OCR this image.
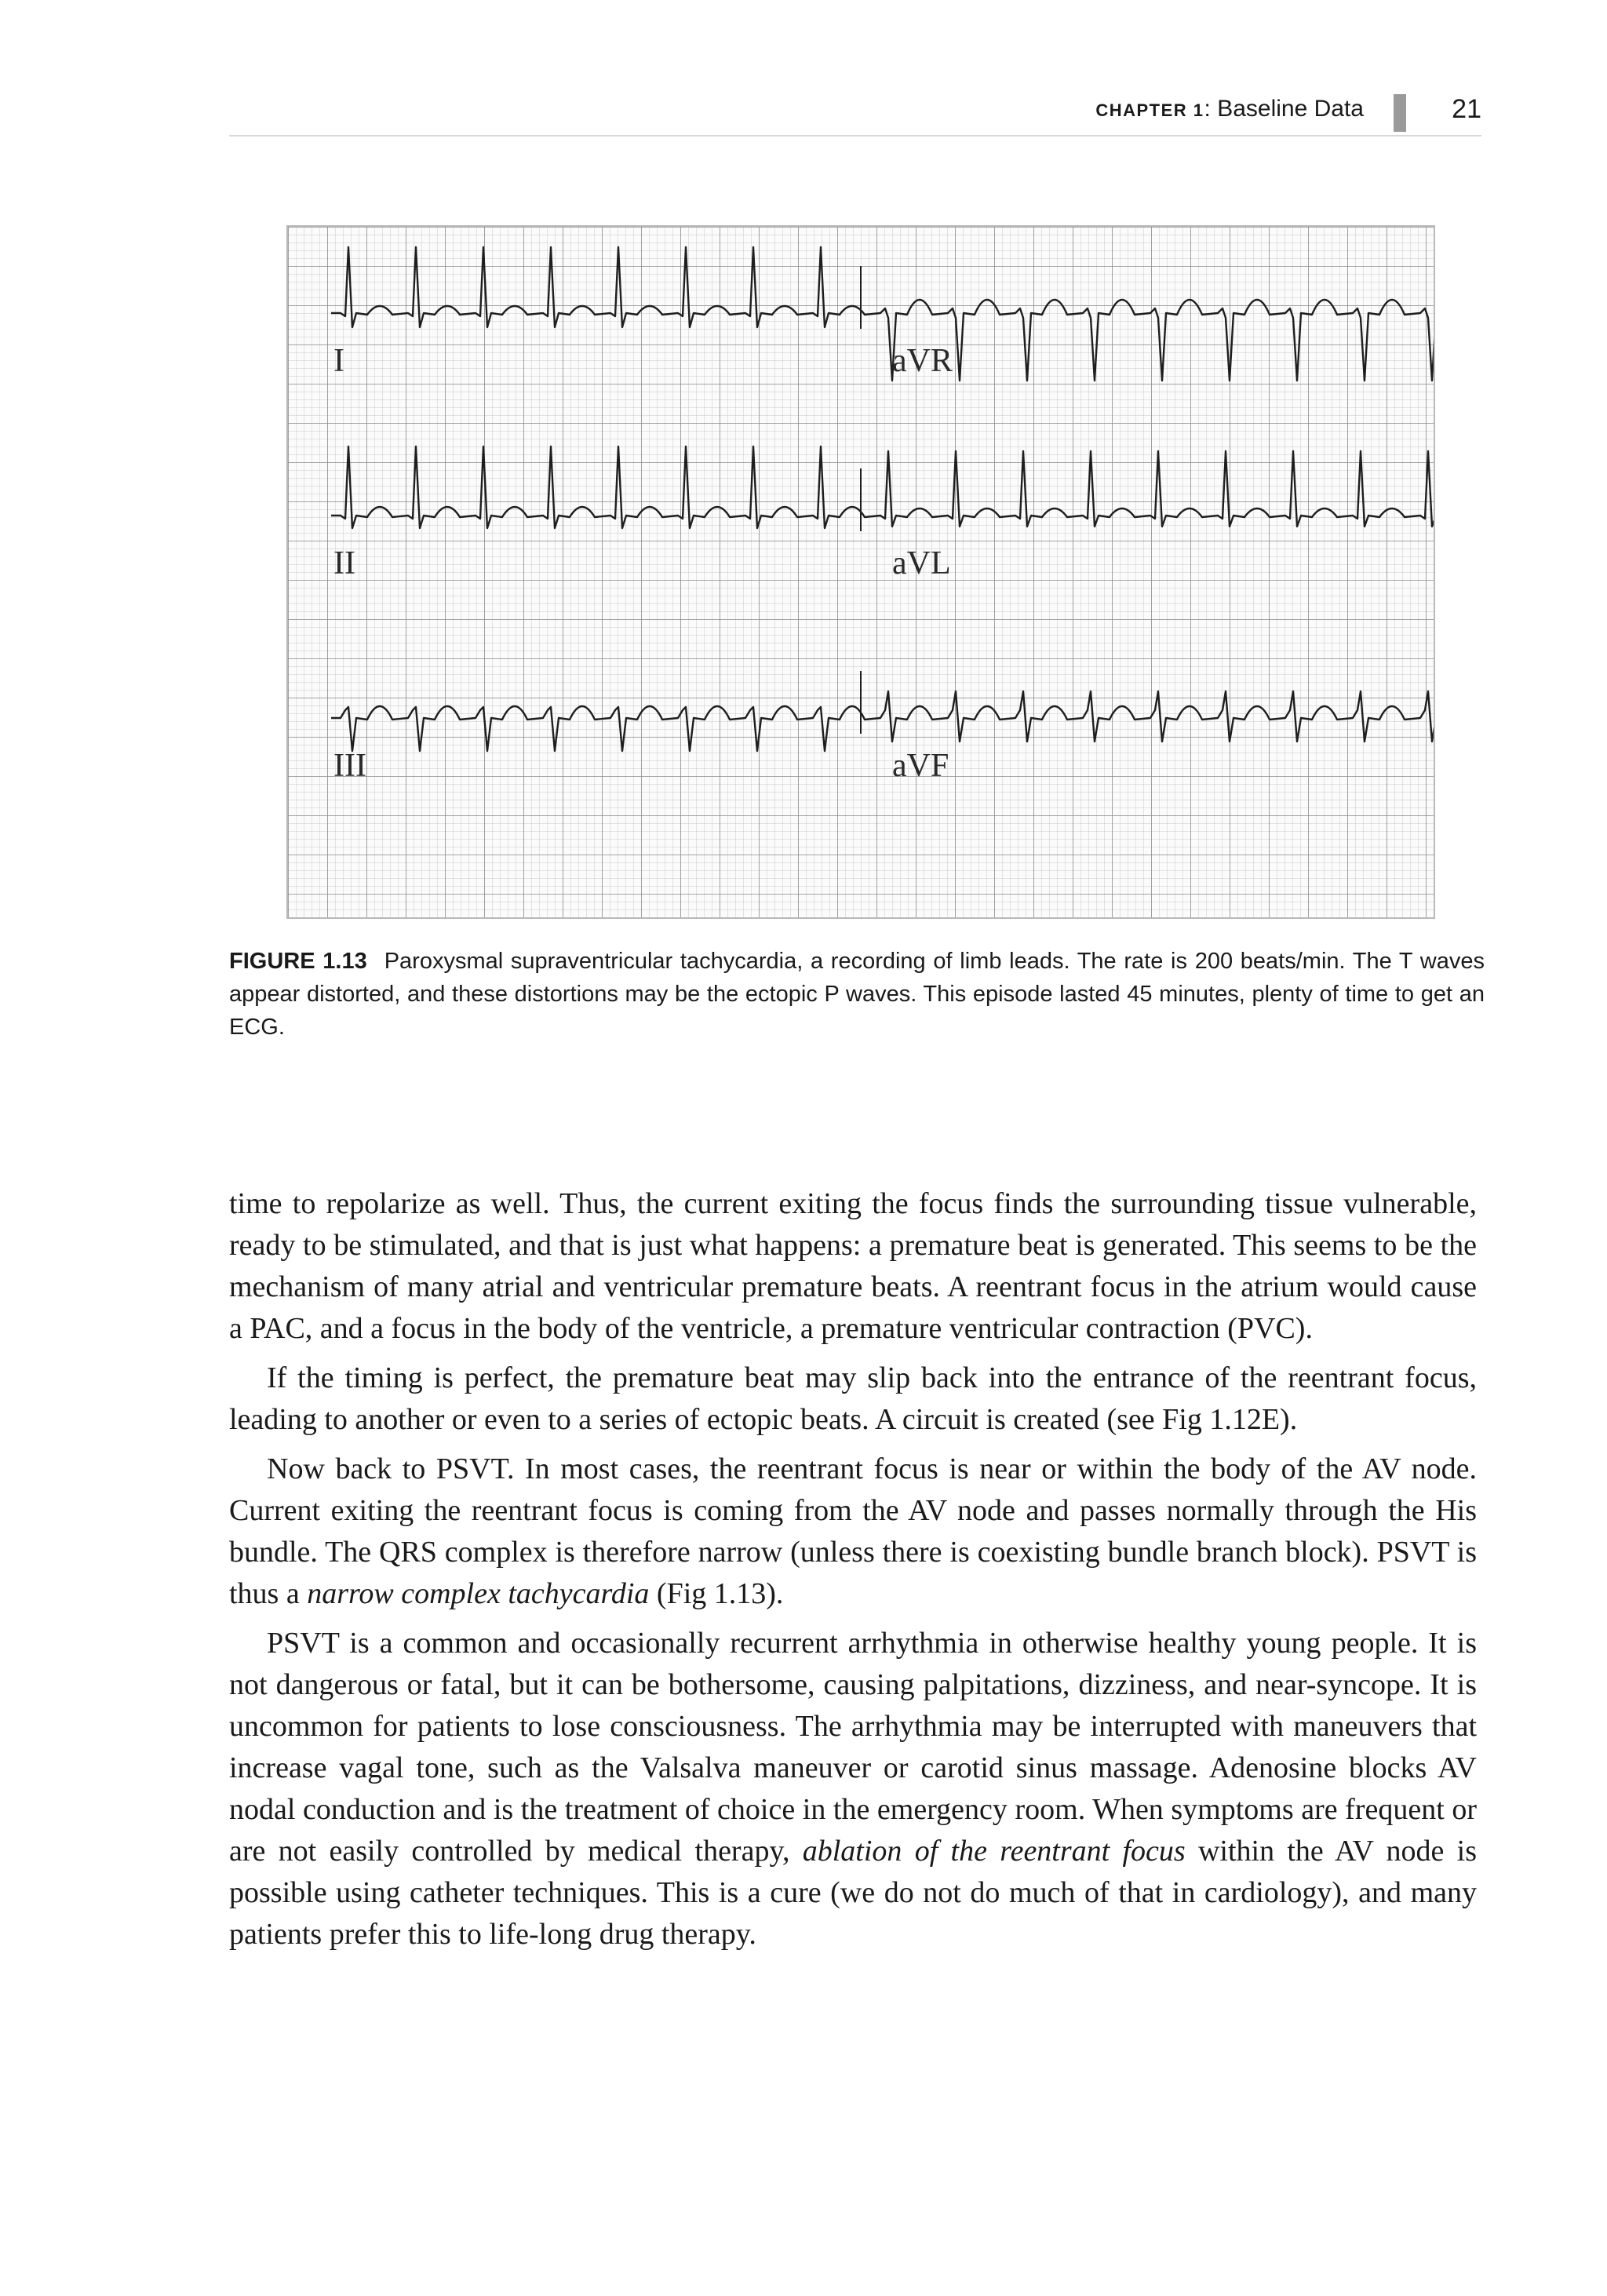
CHAPTER 1: Baseline Data	21
I
II
III
aVR
aVL
aVF
FIGURE 1.13 Paroxysmal supraventricular tachycardia, a recording of limb leads. The rate is 200 beats/min. The T waves appear distorted, and these distortions may be the ectopic P waves. This episode lasted 45 minutes, plenty of time to get an ECG.

time to repolarize as well. Thus, the current exiting the focus finds the surrounding tissue vulnerable, ready to be stimulated, and that is just what happens: a premature beat is generated. This seems to be the mechanism of many atrial and ventricular premature beats. A reentrant focus in the atrium would cause a PAC, and a focus in the body of the ventricle, a premature ventricular contraction (PVC).

If the timing is perfect, the premature beat may slip back into the entrance of the reentrant focus, leading to another or even to a series of ectopic beats. A circuit is created (see Fig 1.12E).

Now back to PSVT. In most cases, the reentrant focus is near or within the body of the AV node. Current exiting the reentrant focus is coming from the AV node and passes normally through the His bundle. The QRS complex is therefore narrow (unless there is coexisting bundle branch block). PSVT is thus a narrow complex tachycardia (Fig 1.13).

PSVT is a common and occasionally recurrent arrhythmia in otherwise healthy young people. It is not dangerous or fatal, but it can be bothersome, causing palpitations, dizziness, and near-syncope. It is uncommon for patients to lose consciousness. The arrhythmia may be interrupted with maneuvers that increase vagal tone, such as the Valsalva maneuver or carotid sinus massage. Adenosine blocks AV nodal conduction and is the treatment of choice in the emergency room. When symptoms are frequent or are not easily controlled by medical therapy, ablation of the reentrant focus within the AV node is possible using catheter techniques. This is a cure (we do not do much of that in cardiology), and many patients prefer this to life-long drug therapy.
